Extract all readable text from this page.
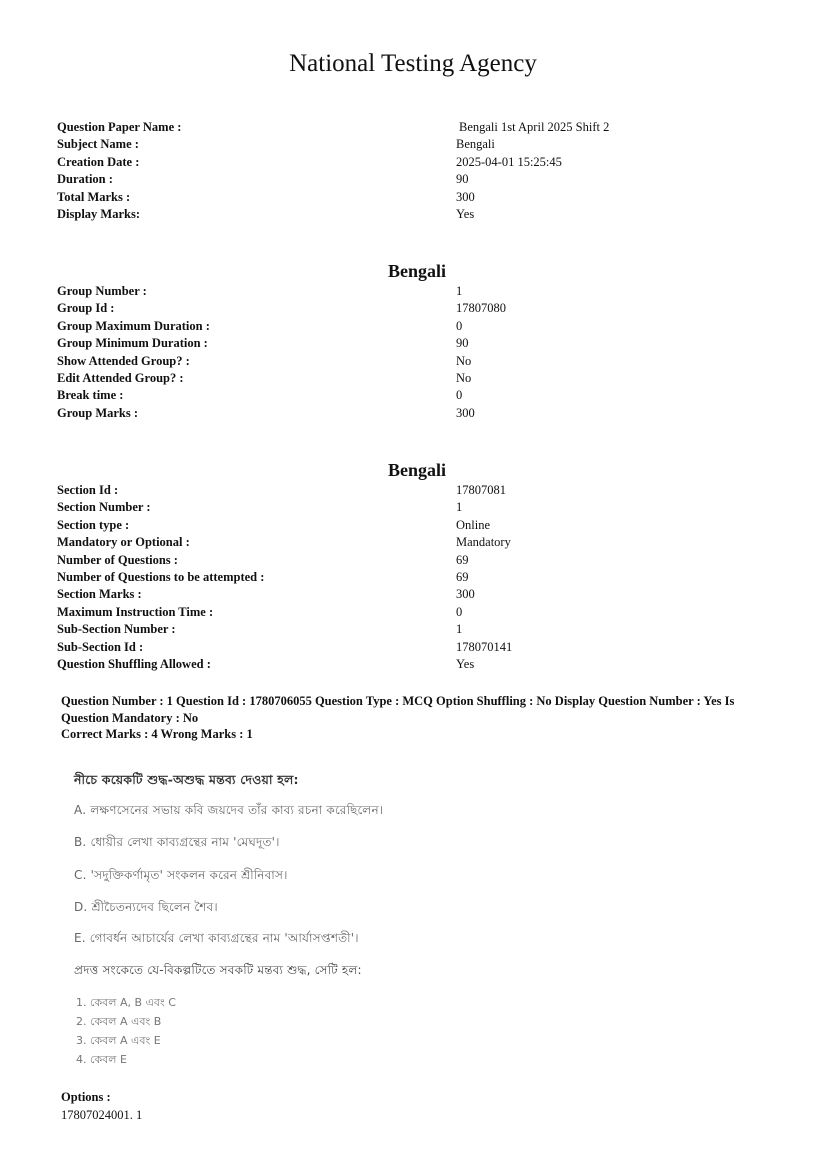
National Testing Agency
Question Paper Name :	Bengali 1st April 2025 Shift 2
Subject Name :	Bengali
Creation Date :	2025-04-01 15:25:45
Duration :	90
Total Marks :	300
Display Marks:	Yes
Bengali
Group Number :	1
Group Id :	17807080
Group Maximum Duration :	0
Group Minimum Duration :	90
Show Attended Group? :	No
Edit Attended Group? :	No
Break time :	0
Group Marks :	300
Bengali
Section Id :	17807081
Section Number :	1
Section type :	Online
Mandatory or Optional :	Mandatory
Number of Questions :	69
Number of Questions to be attempted :	69
Section Marks :	300
Maximum Instruction Time :	0
Sub-Section Number :	1
Sub-Section Id :	178070141
Question Shuffling Allowed :	Yes
Question Number : 1 Question Id : 1780706055 Question Type : MCQ Option Shuffling : No Display Question Number : Yes Is
Question Mandatory : No
Correct Marks : 4 Wrong Marks : 1
নীচে কয়েকটি শুদ্ধ-অশুদ্ধ মন্তব্য দেওয়া হল:
A. লক্ষণসেনের সভায় কবি জয়দেব তাঁর কাব্য রচনা করেছিলেন।
B. ধোয়ীর লেখা কাব্যগ্রন্থের নাম 'মেঘদূত'।
C. 'সদুক্তিকর্ণামৃত' সংকলন করেন শ্রীনিবাস।
D. শ্রীচৈতন্যদেব ছিলেন শৈব।
E. গোবর্ধন আচার্যের লেখা কাব্যগ্রন্থের নাম 'আর্যাসপ্তশতী'।
প্রদত্ত সংকেতে যে-বিকল্পটিতে সবকটি মন্তব্য শুদ্ধ, সেটি হল:
1. কেবল A, B এবং C
2. কেবল A এবং B
3. কেবল A এবং E
4. কেবল E
Options :
17807024001. 1
